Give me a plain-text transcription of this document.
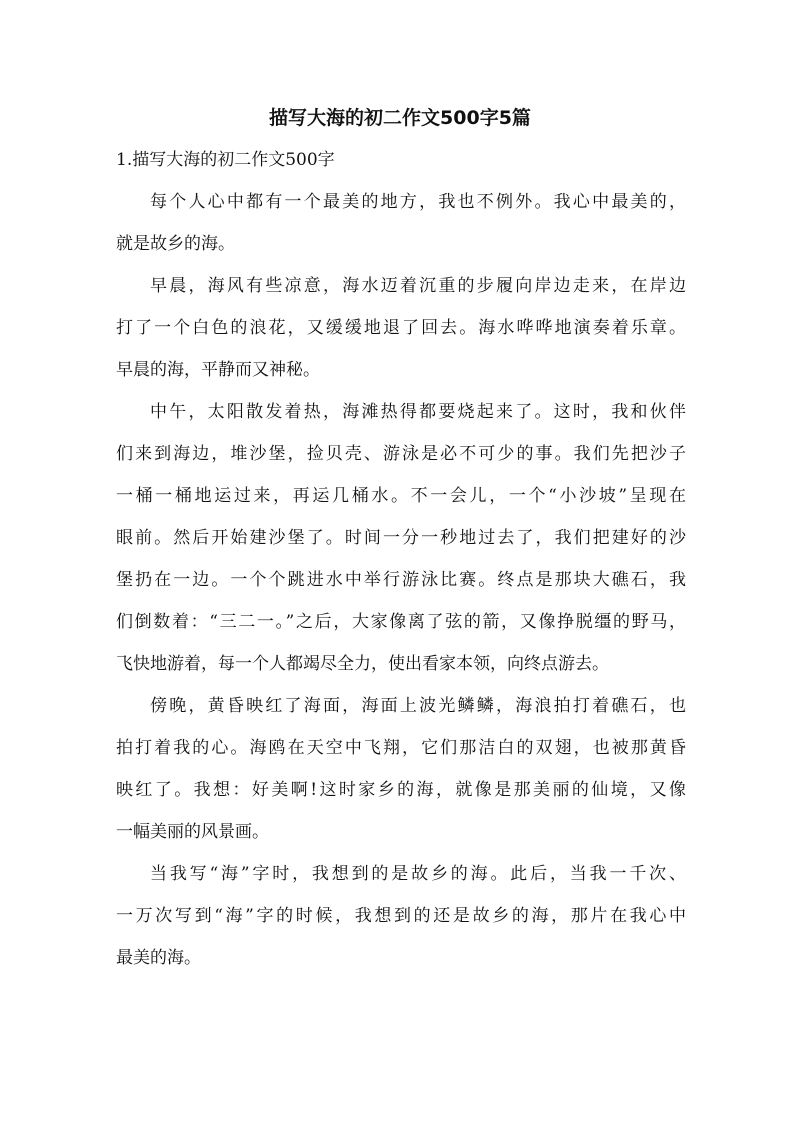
描写大海的初二作文500字5篇
1.描写大海的初二作文500字
每个人心中都有一个最美的地方，我也不例外。我心中最美的，
就是故乡的海。
早晨，海风有些凉意，海水迈着沉重的步履向岸边走来，在岸边
打了一个白色的浪花，又缓缓地退了回去。海水哗哗地演奏着乐章。
早晨的海，平静而又神秘。
中午，太阳散发着热，海滩热得都要烧起来了。这时，我和伙伴
们来到海边，堆沙堡，捡贝壳、游泳是必不可少的事。我们先把沙子
一桶一桶地运过来，再运几桶水。不一会儿，一个“小沙坡”呈现在
眼前。然后开始建沙堡了。时间一分一秒地过去了，我们把建好的沙
堡扔在一边。一个个跳进水中举行游泳比赛。终点是那块大礁石，我
们倒数着：“三二一。”之后，大家像离了弦的箭，又像挣脱缰的野马，
飞快地游着，每一个人都竭尽全力，使出看家本领，向终点游去。
傍晚，黄昏映红了海面，海面上波光鳞鳞，海浪拍打着礁石，也
拍打着我的心。海鸥在天空中飞翔，它们那洁白的双翅，也被那黄昏
映红了。我想：好美啊!这时家乡的海，就像是那美丽的仙境，又像
一幅美丽的风景画。
当我写“海”字时，我想到的是故乡的海。此后，当我一千次、
一万次写到“海”字的时候，我想到的还是故乡的海，那片在我心中
最美的海。
